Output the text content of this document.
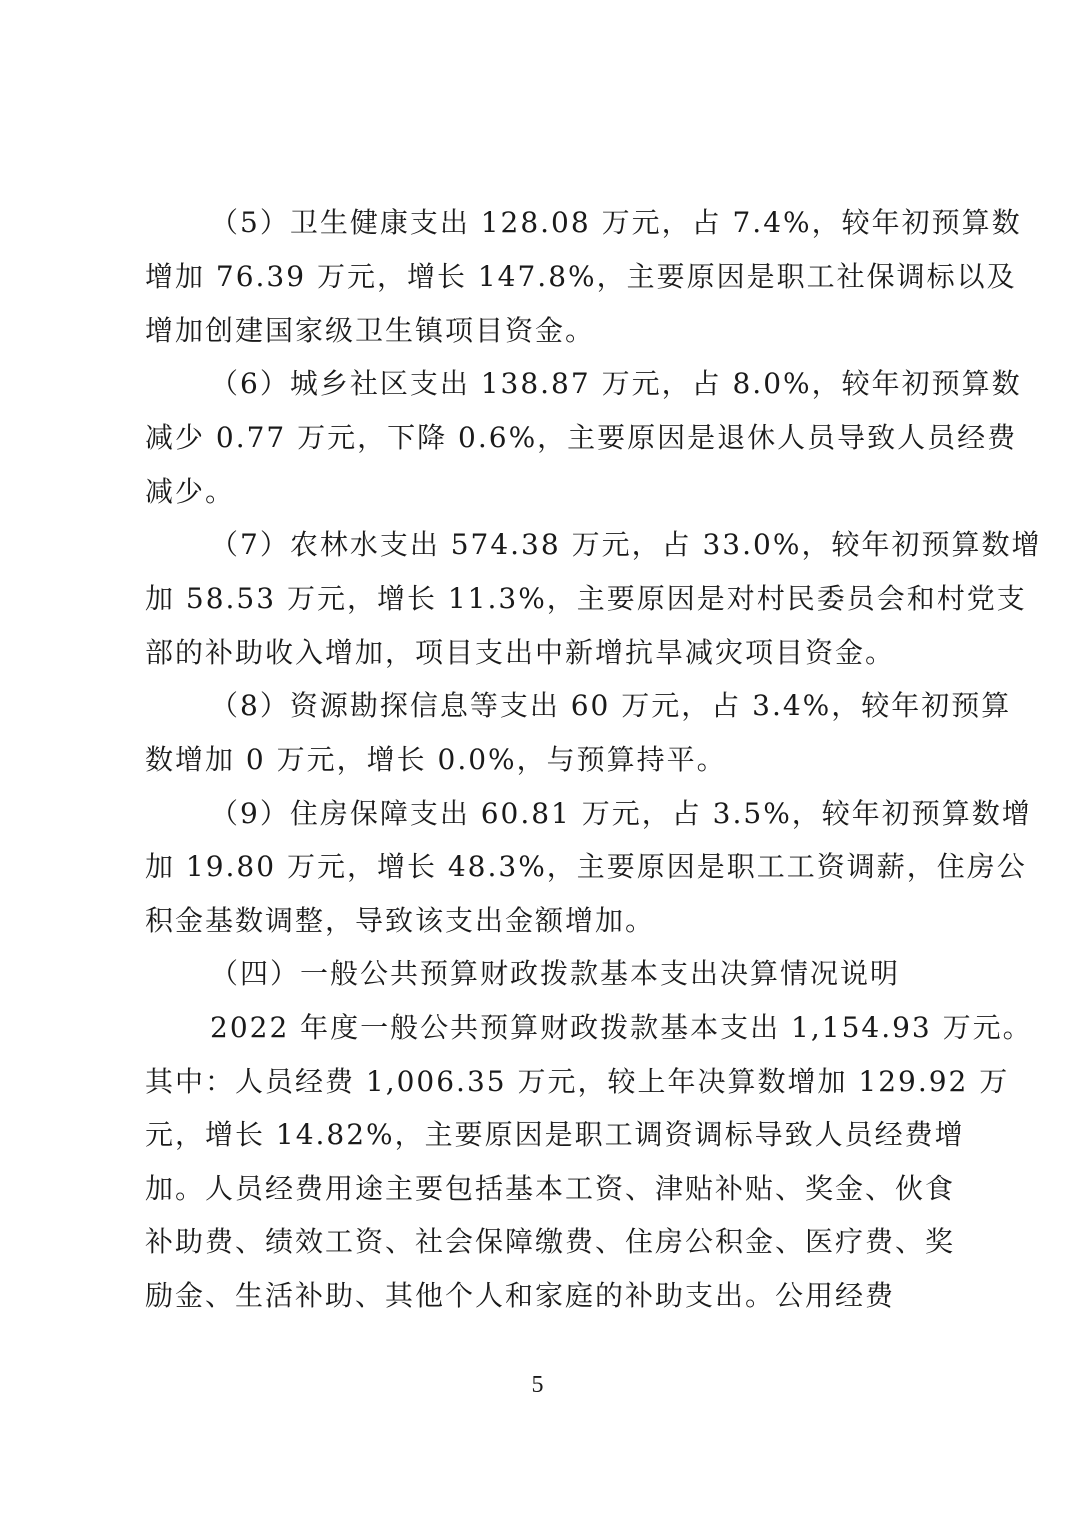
（5）卫生健康支出 128.08 万元，占 7.4%，较年初预算数
增加 76.39 万元，增长 147.8%，主要原因是职工社保调标以及
增加创建国家级卫生镇项目资金。
（6）城乡社区支出 138.87 万元，占 8.0%，较年初预算数
减少 0.77 万元，下降 0.6%，主要原因是退休人员导致人员经费
减少。
（7）农林水支出 574.38 万元，占 33.0%，较年初预算数增
加 58.53 万元，增长 11.3%，主要原因是对村民委员会和村党支
部的补助收入增加，项目支出中新增抗旱减灾项目资金。
（8）资源勘探信息等支出 60 万元，占 3.4%，较年初预算
数增加 0 万元，增长 0.0%，与预算持平。
（9）住房保障支出 60.81 万元，占 3.5%，较年初预算数增
加 19.80 万元，增长 48.3%，主要原因是职工工资调薪，住房公
积金基数调整，导致该支出金额增加。
（四）一般公共预算财政拨款基本支出决算情况说明
2022 年度一般公共预算财政拨款基本支出 1,154.93 万元。
其中：人员经费 1,006.35 万元，较上年决算数增加 129.92 万
元，增长 14.82%，主要原因是职工调资调标导致人员经费增
加。人员经费用途主要包括基本工资、津贴补贴、奖金、伙食
补助费、绩效工资、社会保障缴费、住房公积金、医疗费、奖
励金、生活补助、其他个人和家庭的补助支出。公用经费
5
